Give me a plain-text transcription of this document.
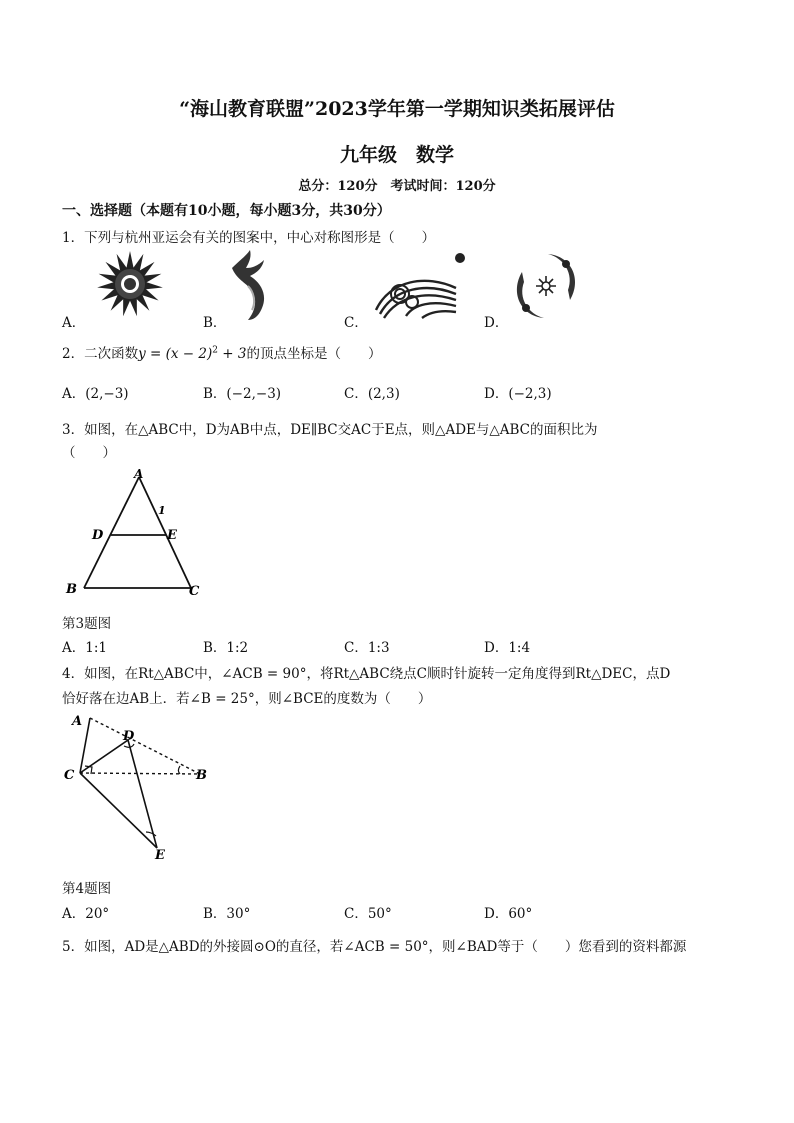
“海山教育联盟”2023学年第一学期知识类拓展评估
九年级　数学
总分：120分　考试时间：120分
一、选择题（本题有10小题，每小题3分，共30分）
1．下列与杭州亚运会有关的图案中，中心对称图形是（　　）
A．	B．	C．	D．
2．二次函数$y = (x - 2)^2 + 3$的顶点坐标是（　　）
A．(2,−3)	B．(−2,−3)	C．(2,3)	D．(−2,3)
3．如图，在△ABC中，D为AB中点，DE∥BC交AC于E点，则△ADE与△ABC的面积比为
（　　）
A
1
D	E
B	C
第3题图
A．1:1	B．1:2	C．1:3	D．1:4
4．如图，在Rt△ABC中，∠ACB = 90°，将Rt△ABC绕点C顺时针旋转一定角度得到Rt△DEC，点D
恰好落在边AB上．若∠B = 25°，则∠BCE的度数为（　　）
A
D
C	B
E
第4题图
A．20°	B．30°	C．50°	D．60°
5．如图，AD是△ABD的外接圆⊙O的直径，若∠ACB = 50°，则∠BAD等于（　　）您看到的资料都源
